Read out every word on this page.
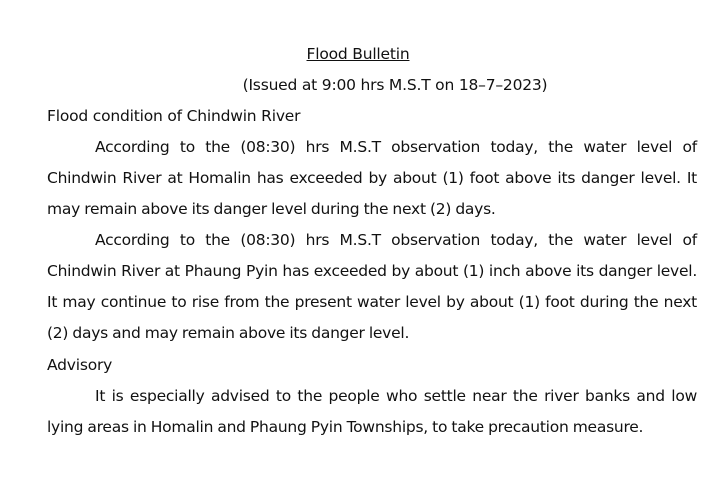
Flood Bulletin
(Issued at 9:00 hrs M.S.T on 18–7–2023)
Flood condition of Chindwin River

According to the (08:30) hrs M.S.T observation today, the water level of Chindwin River at Homalin has exceeded by about (1) foot above its danger level. It may remain above its danger level during the next (2) days.

According to the (08:30) hrs M.S.T observation today, the water level of Chindwin River at Phaung Pyin has exceeded by about (1) inch above its danger level. It may continue to rise from the present water level by about (1) foot during the next (2) days and may remain above its danger level.

Advisory

It is especially advised to the people who settle near the river banks and low lying areas in Homalin and Phaung Pyin Townships, to take precaution measure.
